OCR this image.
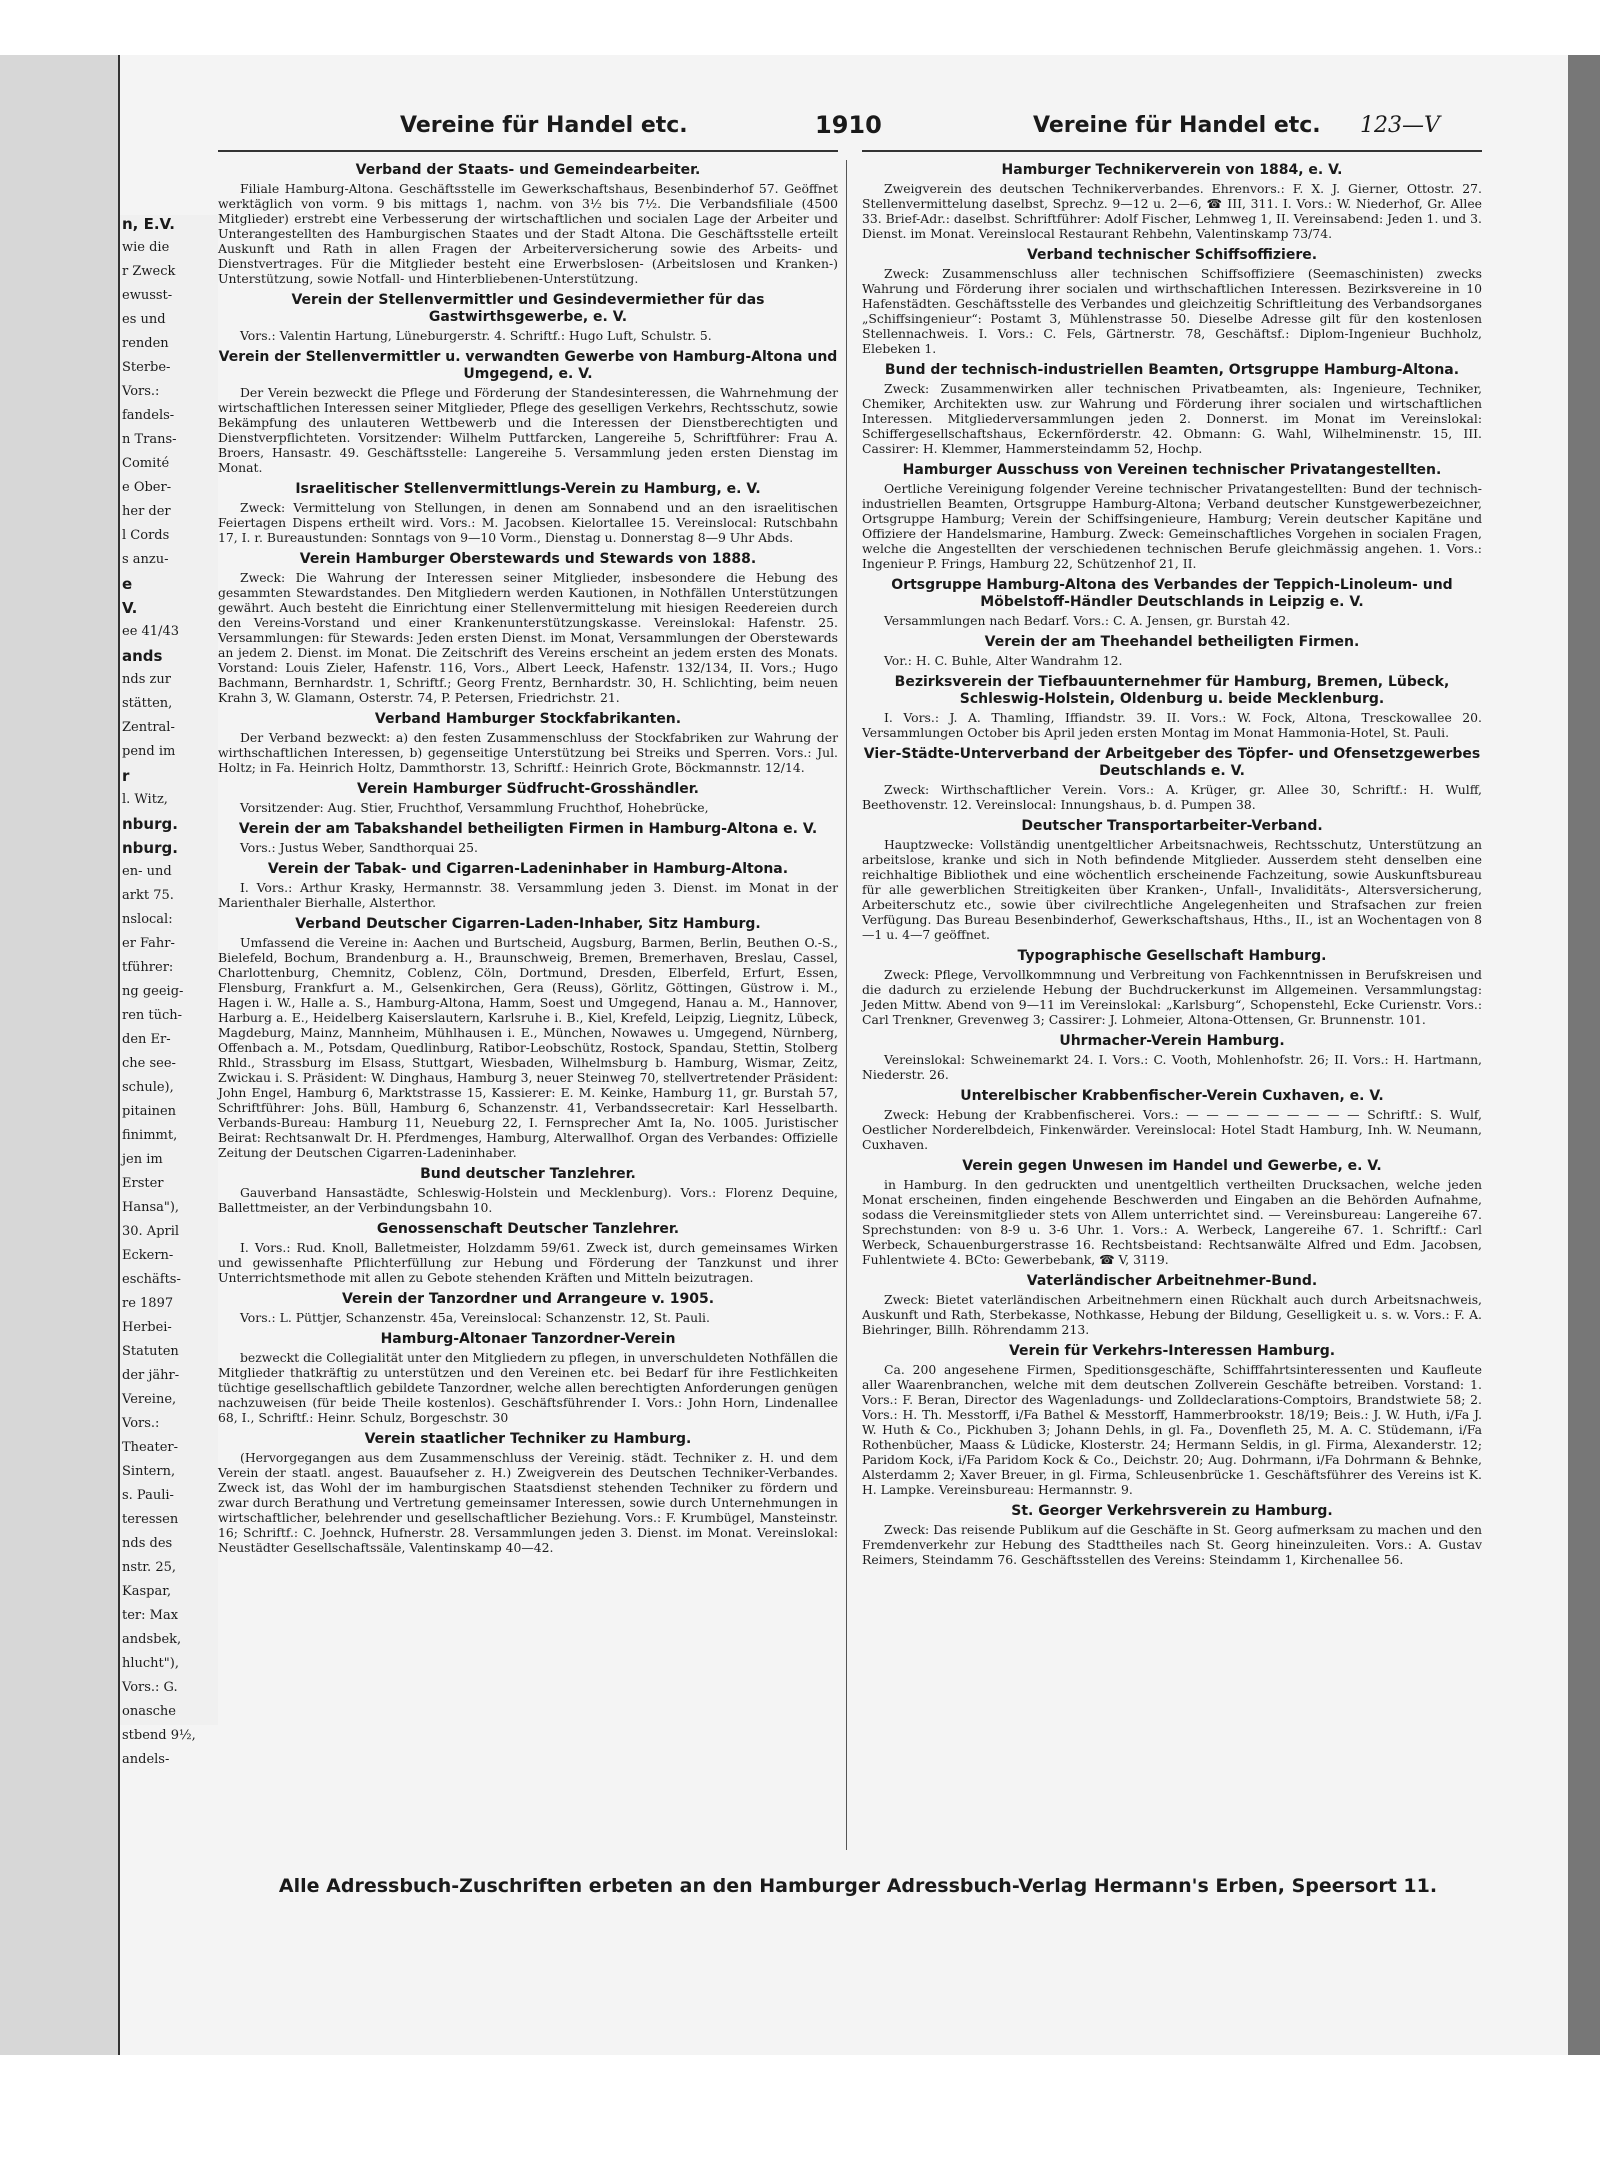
n, E.V.
wie die
r Zweck
ewusst-
es und
renden
Sterbe-
Vors.:
fandels-
n Trans-
Comité
e Ober-
her der
l Cords
s anzu-
e
V.
ee 41/43
ands
nds zur
stätten,
Zentral-
pend im
r
l. Witz,
nburg.
nburg.
en- und
arkt 75.
nslocal:
er Fahr-
tführer:
ng geeig-
ren tüch-
den Er-
che see-
schule),
pitainen
finimmt,
jen im
Erster
Hansa"),
30. April
Eckern-
eschäfts-
re 1897
Herbei-
Statuten
der jähr-
Vereine,
Vors.:
Theater-
Sintern,
s. Pauli-
teressen
nds des
nstr. 25,
Kaspar,
ter: Max
andsbek,
hlucht"),
Vors.: G.
onasche
stbend 9½,
andels-
Vereine für Handel etc.	1910	Vereine für Handel etc. 123—V
Verband der Staats- und Gemeindearbeiter.
Filiale Hamburg-Altona. Geschäftsstelle im Gewerkschaftshaus, Besenbinderhof 57. Geöffnet werktäglich von vorm. 9 bis mittags 1, nachm. von 3½ bis 7½. Die Verbandsfiliale (4500 Mitglieder) erstrebt eine Verbesserung der wirtschaftlichen und socialen Lage der Arbeiter und Unterangestellten des Hamburgischen Staates und der Stadt Altona. Die Geschäftsstelle erteilt Auskunft und Rath in allen Fragen der Arbeiterversicherung sowie des Arbeits- und Dienstvertrages. Für die Mitglieder besteht eine Erwerbslosen- (Arbeitslosen und Kranken-) Unterstützung, sowie Notfall- und Hinterbliebenen-Unterstützung.
Verein der Stellenvermittler und Gesindevermiether für das Gastwirthsgewerbe, e. V.
Vors.: Valentin Hartung, Lüneburgerstr. 4. Schriftf.: Hugo Luft, Schulstr. 5.
Verein der Stellenvermittler u. verwandten Gewerbe von Hamburg-Altona und Umgegend, e. V.
Der Verein bezweckt die Pflege und Förderung der Standesinteressen, die Wahrnehmung der wirtschaftlichen Interessen seiner Mitglieder, Pflege des geselligen Verkehrs, Rechtsschutz, sowie Bekämpfung des unlauteren Wettbewerb und die Interessen der Dienstberechtigten und Dienstverpflichteten. Vorsitzender: Wilhelm Puttfarcken, Langereihe 5, Schriftführer: Frau A. Broers, Hansastr. 49. Geschäftsstelle: Langereihe 5. Versammlung jeden ersten Dienstag im Monat.
Israelitischer Stellenvermittlungs-Verein zu Hamburg, e. V.
Zweck: Vermittelung von Stellungen, in denen am Sonnabend und an den israelitischen Feiertagen Dispens ertheilt wird. Vors.: M. Jacobsen. Kielortallee 15. Vereinslocal: Rutschbahn 17, I. r. Bureaustunden: Sonntags von 9—10 Vorm., Dienstag u. Donnerstag 8—9 Uhr Abds.
Verein Hamburger Oberstewards und Stewards von 1888.
Zweck: Die Wahrung der Interessen seiner Mitglieder, insbesondere die Hebung des gesammten Stewardstandes. Den Mitgliedern werden Kautionen, in Nothfällen Unterstützungen gewährt. Auch besteht die Einrichtung einer Stellenvermittelung mit hiesigen Reedereien durch den Vereins-Vorstand und einer Krankenunterstützungskasse. Vereinslokal: Hafenstr. 25. Versammlungen: für Stewards: Jeden ersten Dienst. im Monat, Versammlungen der Oberstewards an jedem 2. Dienst. im Monat. Die Zeitschrift des Vereins erscheint an jedem ersten des Monats. Vorstand: Louis Zieler, Hafenstr. 116, Vors., Albert Leeck, Hafenstr. 132/134, II. Vors.; Hugo Bachmann, Bernhardstr. 1, Schriftf.; Georg Frentz, Bernhardstr. 30, H. Schlichting, beim neuen Krahn 3, W. Glamann, Osterstr. 74, P. Petersen, Friedrichstr. 21.
Verband Hamburger Stockfabrikanten.
Der Verband bezweckt: a) den festen Zusammenschluss der Stockfabriken zur Wahrung der wirthschaftlichen Interessen, b) gegenseitige Unterstützung bei Streiks und Sperren. Vors.: Jul. Holtz; in Fa. Heinrich Holtz, Dammthorstr. 13, Schriftf.: Heinrich Grote, Böckmannstr. 12/14.
Verein Hamburger Südfrucht-Grosshändler.
Vorsitzender: Aug. Stier, Fruchthof, Versammlung Fruchthof, Hohebrücke,
Verein der am Tabakshandel betheiligten Firmen in Hamburg-Altona e. V.
Vors.: Justus Weber, Sandthorquai 25.
Verein der Tabak- und Cigarren-Ladeninhaber in Hamburg-Altona.
I. Vors.: Arthur Krasky, Hermannstr. 38. Versammlung jeden 3. Dienst. im Monat in der Marienthaler Bierhalle, Alsterthor.
Verband Deutscher Cigarren-Laden-Inhaber, Sitz Hamburg.
Umfassend die Vereine in: Aachen und Burtscheid, Augsburg, Barmen, Berlin, Beuthen O.-S., Bielefeld, Bochum, Brandenburg a. H., Braunschweig, Bremen, Bremerhaven, Breslau, Cassel, Charlottenburg, Chemnitz, Coblenz, Cöln, Dortmund, Dresden, Elberfeld, Erfurt, Essen, Flensburg, Frankfurt a. M., Gelsenkirchen, Gera (Reuss), Görlitz, Göttingen, Güstrow i. M., Hagen i. W., Halle a. S., Hamburg-Altona, Hamm, Soest und Umgegend, Hanau a. M., Hannover, Harburg a. E., Heidelberg Kaiserslautern, Karlsruhe i. B., Kiel, Krefeld, Leipzig, Liegnitz, Lübeck, Magdeburg, Mainz, Mannheim, Mühlhausen i. E., München, Nowawes u. Umgegend, Nürnberg, Offenbach a. M., Potsdam, Quedlinburg, Ratibor-Leobschütz, Rostock, Spandau, Stettin, Stolberg Rhld., Strassburg im Elsass, Stuttgart, Wiesbaden, Wilhelmsburg b. Hamburg, Wismar, Zeitz, Zwickau i. S. Präsident: W. Dinghaus, Hamburg 3, neuer Steinweg 70, stellvertretender Präsident: John Engel, Hamburg 6, Marktstrasse 15, Kassierer: E. M. Keinke, Hamburg 11, gr. Burstah 57, Schriftführer: Johs. Büll, Hamburg 6, Schanzenstr. 41, Verbandssecretair: Karl Hesselbarth. Verbands-Bureau: Hamburg 11, Neueburg 22, I. Fernsprecher Amt Ia, No. 1005. Juristischer Beirat: Rechtsanwalt Dr. H. Pferdmenges, Hamburg, Alterwallhof. Organ des Verbandes: Offizielle Zeitung der Deutschen Cigarren-Ladeninhaber.
Bund deutscher Tanzlehrer.
Gauverband Hansastädte, Schleswig-Holstein und Mecklenburg). Vors.: Florenz Dequine, Ballettmeister, an der Verbindungsbahn 10.
Genossenschaft Deutscher Tanzlehrer.
I. Vors.: Rud. Knoll, Balletmeister, Holzdamm 59/61. Zweck ist, durch gemeinsames Wirken und gewissenhafte Pflichterfüllung zur Hebung und Förderung der Tanzkunst und ihrer Unterrichtsmethode mit allen zu Gebote stehenden Kräften und Mitteln beizutragen.
Verein der Tanzordner und Arrangeure v. 1905.
Vors.: L. Püttjer, Schanzenstr. 45a, Vereinslocal: Schanzenstr. 12, St. Pauli.
Hamburg-Altonaer Tanzordner-Verein
bezweckt die Collegialität unter den Mitgliedern zu pflegen, in unverschuldeten Nothfällen die Mitglieder thatkräftig zu unterstützen und den Vereinen etc. bei Bedarf für ihre Festlichkeiten tüchtige gesellschaftlich gebildete Tanzordner, welche allen berechtigten Anforderungen genügen nachzuweisen (für beide Theile kostenlos). Geschäftsführender I. Vors.: John Horn, Lindenallee 68, I., Schriftf.: Heinr. Schulz, Borgeschstr. 30
Verein staatlicher Techniker zu Hamburg.
(Hervorgegangen aus dem Zusammenschluss der Vereinig. städt. Techniker z. H. und dem Verein der staatl. angest. Bauaufseher z. H.) Zweigverein des Deutschen Techniker-Verbandes. Zweck ist, das Wohl der im hamburgischen Staatsdienst stehenden Techniker zu fördern und zwar durch Berathung und Vertretung gemeinsamer Interessen, sowie durch Unternehmungen in wirtschaftlicher, belehrender und gesellschaftlicher Beziehung. Vors.: F. Krumbügel, Mansteinstr. 16; Schriftf.: C. Joehnck, Hufnerstr. 28. Versammlungen jeden 3. Dienst. im Monat. Vereinslokal: Neustädter Gesellschaftssäle, Valentinskamp 40—42.
Hamburger Technikerverein von 1884, e. V.
Zweigverein des deutschen Technikerverbandes. Ehrenvors.: F. X. J. Gierner, Ottostr. 27. Stellenvermittelung daselbst, Sprechz. 9—12 u. 2—6, ☎ III, 311. I. Vors.: W. Niederhof, Gr. Allee 33. Brief-Adr.: daselbst. Schriftführer: Adolf Fischer, Lehmweg 1, II. Vereinsabend: Jeden 1. und 3. Dienst. im Monat. Vereinslocal Restaurant Rehbehn, Valentinskamp 73/74.
Verband technischer Schiffsoffiziere.
Zweck: Zusammenschluss aller technischen Schiffsoffiziere (Seemaschinisten) zwecks Wahrung und Förderung ihrer socialen und wirthschaftlichen Interessen. Bezirksvereine in 10 Hafenstädten. Geschäftsstelle des Verbandes und gleichzeitig Schriftleitung des Verbandsorganes „Schiffsingenieur“: Postamt 3, Mühlenstrasse 50. Dieselbe Adresse gilt für den kostenlosen Stellennachweis. I. Vors.: C. Fels, Gärtnerstr. 78, Geschäftsf.: Diplom-Ingenieur Buchholz, Elebeken 1.
Bund der technisch-industriellen Beamten, Ortsgruppe Hamburg-Altona.
Zweck: Zusammenwirken aller technischen Privatbeamten, als: Ingenieure, Techniker, Chemiker, Architekten usw. zur Wahrung und Förderung ihrer socialen und wirtschaftlichen Interessen. Mitgliederversammlungen jeden 2. Donnerst. im Monat im Vereinslokal: Schiffergesellschaftshaus, Eckernförderstr. 42. Obmann: G. Wahl, Wilhelminenstr. 15, III. Cassirer: H. Klemmer, Hammersteindamm 52, Hochp.
Hamburger Ausschuss von Vereinen technischer Privatangestellten.
Oertliche Vereinigung folgender Vereine technischer Privatangestellten: Bund der technisch-industriellen Beamten, Ortsgruppe Hamburg-Altona; Verband deutscher Kunstgewerbezeichner, Ortsgruppe Hamburg; Verein der Schiffsingenieure, Hamburg; Verein deutscher Kapitäne und Offiziere der Handelsmarine, Hamburg. Zweck: Gemeinschaftliches Vorgehen in socialen Fragen, welche die Angestellten der verschiedenen technischen Berufe gleichmässig angehen. 1. Vors.: Ingenieur P. Frings, Hamburg 22, Schützenhof 21, II.
Ortsgruppe Hamburg-Altona des Verbandes der Teppich-Linoleum- und Möbelstoff-Händler Deutschlands in Leipzig e. V.
Versammlungen nach Bedarf. Vors.: C. A. Jensen, gr. Burstah 42.
Verein der am Theehandel betheiligten Firmen.
Vor.: H. C. Buhle, Alter Wandrahm 12.
Bezirksverein der Tiefbauunternehmer für Hamburg, Bremen, Lübeck, Schleswig-Holstein, Oldenburg u. beide Mecklenburg.
I. Vors.: J. A. Thamling, Iffiandstr. 39. II. Vors.: W. Fock, Altona, Tresckowallee 20. Versammlungen October bis April jeden ersten Montag im Monat Hammonia-Hotel, St. Pauli.
Vier-Städte-Unterverband der Arbeitgeber des Töpfer- und Ofensetzgewerbes Deutschlands e. V.
Zweck: Wirthschaftlicher Verein. Vors.: A. Krüger, gr. Allee 30, Schriftf.: H. Wulff, Beethovenstr. 12. Vereinslocal: Innungshaus, b. d. Pumpen 38.
Deutscher Transportarbeiter-Verband.
Hauptzwecke: Vollständig unentgeltlicher Arbeitsnachweis, Rechtsschutz, Unterstützung an arbeitslose, kranke und sich in Noth befindende Mitglieder. Ausserdem steht denselben eine reichhaltige Bibliothek und eine wöchentlich erscheinende Fachzeitung, sowie Auskunftsbureau für alle gewerblichen Streitigkeiten über Kranken-, Unfall-, Invaliditäts-, Altersversicherung, Arbeiterschutz etc., sowie über civilrechtliche Angelegenheiten und Strafsachen zur freien Verfügung. Das Bureau Besenbinderhof, Gewerkschaftshaus, Hths., II., ist an Wochentagen von 8—1 u. 4—7 geöffnet.
Typographische Gesellschaft Hamburg.
Zweck: Pflege, Vervollkommnung und Verbreitung von Fachkenntnissen in Berufskreisen und die dadurch zu erzielende Hebung der Buchdruckerkunst im Allgemeinen. Versammlungstag: Jeden Mittw. Abend von 9—11 im Vereinslokal: „Karlsburg“, Schopenstehl, Ecke Curienstr. Vors.: Carl Trenkner, Grevenweg 3; Cassirer: J. Lohmeier, Altona-Ottensen, Gr. Brunnenstr. 101.
Uhrmacher-Verein Hamburg.
Vereinslokal: Schweinemarkt 24. I. Vors.: C. Vooth, Mohlenhofstr. 26; II. Vors.: H. Hartmann, Niederstr. 26.
Unterelbischer Krabbenfischer-Verein Cuxhaven, e. V.
Zweck: Hebung der Krabbenfischerei. Vors.: — — — — — — — — — Schriftf.: S. Wulf, Oestlicher Norderelbdeich, Finkenwärder. Vereinslocal: Hotel Stadt Hamburg, Inh. W. Neumann, Cuxhaven.
Verein gegen Unwesen im Handel und Gewerbe, e. V.
in Hamburg. In den gedruckten und unentgeltlich vertheilten Drucksachen, welche jeden Monat erscheinen, finden eingehende Beschwerden und Eingaben an die Behörden Aufnahme, sodass die Vereinsmitglieder stets von Allem unterrichtet sind. — Vereinsbureau: Langereihe 67. Sprechstunden: von 8-9 u. 3-6 Uhr. 1. Vors.: A. Werbeck, Langereihe 67. 1. Schriftf.: Carl Werbeck, Schauenburgerstrasse 16. Rechtsbeistand: Rechtsanwälte Alfred und Edm. Jacobsen, Fuhlentwiete 4. BCto: Gewerbebank, ☎ V, 3119.
Vaterländischer Arbeitnehmer-Bund.
Zweck: Bietet vaterländischen Arbeitnehmern einen Rückhalt auch durch Arbeitsnachweis, Auskunft und Rath, Sterbekasse, Nothkasse, Hebung der Bildung, Geselligkeit u. s. w. Vors.: F. A. Biehringer, Billh. Röhrendamm 213.
Verein für Verkehrs-Interessen Hamburg.
Ca. 200 angesehene Firmen, Speditionsgeschäfte, Schifffahrtsinteressenten und Kaufleute aller Waarenbranchen, welche mit dem deutschen Zollverein Geschäfte betreiben. Vorstand: 1. Vors.: F. Beran, Director des Wagenladungs- und Zolldeclarations-Comptoirs, Brandstwiete 58; 2. Vors.: H. Th. Messtorff, i/Fa Bathel & Messtorff, Hammerbrookstr. 18/19; Beis.: J. W. Huth, i/Fa J. W. Huth & Co., Pickhuben 3; Johann Dehls, in gl. Fa., Dovenfleth 25, M. A. C. Stüdemann, i/Fa Rothenbücher, Maass & Lüdicke, Klosterstr. 24; Hermann Seldis, in gl. Firma, Alexanderstr. 12; Paridom Kock, i/Fa Paridom Kock & Co., Deichstr. 20; Aug. Dohrmann, i/Fa Dohrmann & Behnke, Alsterdamm 2; Xaver Breuer, in gl. Firma, Schleusenbrücke 1. Geschäftsführer des Vereins ist K. H. Lampke. Vereinsbureau: Hermannstr. 9.
St. Georger Verkehrsverein zu Hamburg.
Zweck: Das reisende Publikum auf die Geschäfte in St. Georg aufmerksam zu machen und den Fremdenverkehr zur Hebung des Stadttheiles nach St. Georg hineinzuleiten. Vors.: A. Gustav Reimers, Steindamm 76. Geschäftsstellen des Vereins: Steindamm 1, Kirchenallee 56.
Alle Adressbuch-Zuschriften erbeten an den Hamburger Adressbuch-Verlag Hermann's Erben, Speersort 11.
